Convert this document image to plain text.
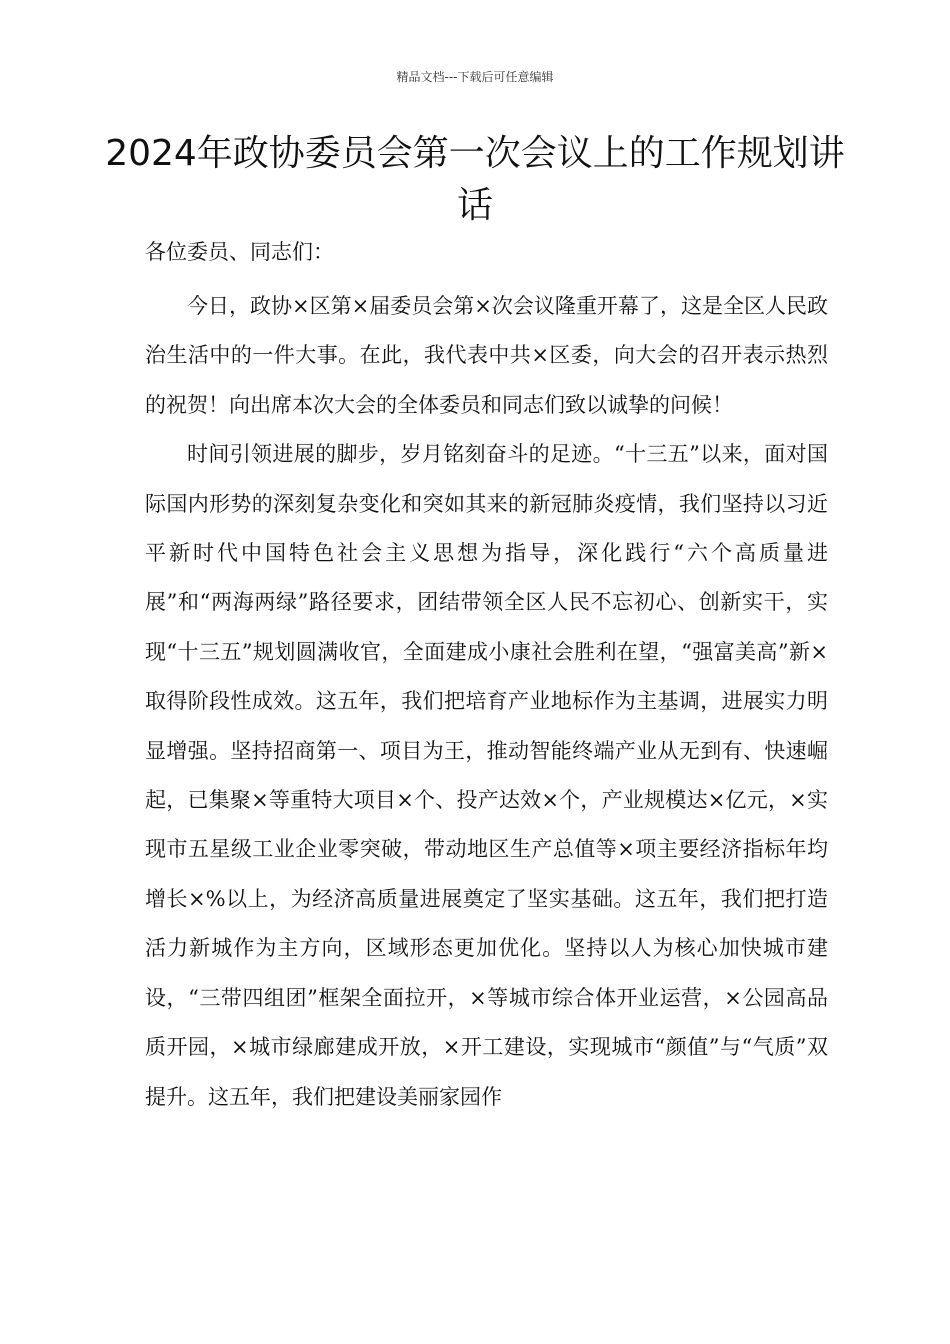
精品文档---下载后可任意编辑
2024年政协委员会第一次会议上的工作规划讲话
各位委员、同志们：

今日，政协×区第×届委员会第×次会议隆重开幕了，这是全区人民政治生活中的一件大事。在此，我代表中共×区委，向大会的召开表示热烈的祝贺！向出席本次大会的全体委员和同志们致以诚挚的问候！

时间引领进展的脚步，岁月铭刻奋斗的足迹。“十三五”以来，面对国际国内形势的深刻复杂变化和突如其来的新冠肺炎疫情，我们坚持以习近平新时代中国特色社会主义思想为指导，深化践行“六个高质量进展”和“两海两绿”路径要求，团结带领全区人民不忘初心、创新实干，实现“十三五”规划圆满收官，全面建成小康社会胜利在望，“强富美高”新×取得阶段性成效。这五年，我们把培育产业地标作为主基调，进展实力明显增强。坚持招商第一、项目为王，推动智能终端产业从无到有、快速崛起，已集聚×等重特大项目×个、投产达效×个，产业规模达×亿元，×实现市五星级工业企业零突破，带动地区生产总值等×项主要经济指标年均增长×%以上，为经济高质量进展奠定了坚实基础。这五年，我们把打造活力新城作为主方向，区域形态更加优化。坚持以人为核心加快城市建设，“三带四组团”框架全面拉开，×等城市综合体开业运营，×公园高品质开园，×城市绿廊建成开放，×开工建设，实现城市“颜值”与“气质”双提升。这五年，我们把建设美丽家园作
